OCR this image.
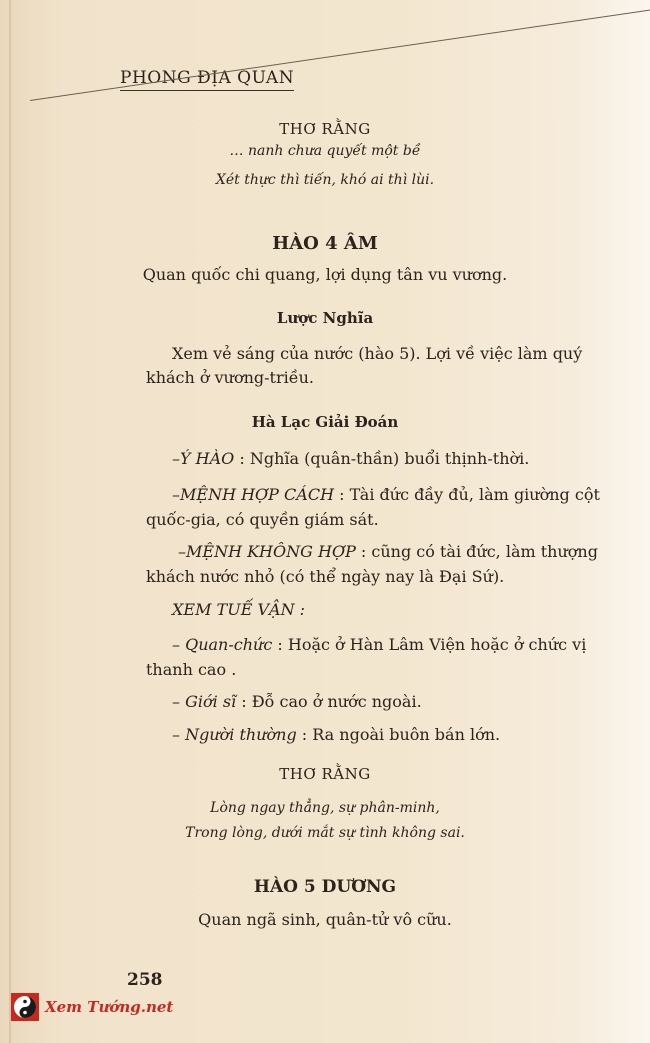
PHONG ĐỊA QUAN
THƠ RẰNG
… nanh chưa quyết một bề
Xét thực thì tiến, khó ai thì lùi.
HÀO 4 ÂM
Quan quốc chi quang, lợi dụng tân vu vương.
Lược Nghĩa
Xem vẻ sáng của nước (hào 5). Lợi về việc làm quý
khách ở vương-triều.
Hà Lạc Giải Đoán
–Ý HÀO : Nghĩa (quân-thần) buổi thịnh-thời.
–MỆNH HỢP CÁCH : Tài đức đầy đủ, làm giường cột
quốc-gia, có quyền giám sát.
–MỆNH KHÔNG HỢP : cũng có tài đức, làm thượng
khách nước nhỏ (có thể ngày nay là Đại Sứ).
XEM TUẾ VẬN :
– Quan-chức : Hoặc ở Hàn Lâm Viện hoặc ở chức vị
thanh cao .
– Giới sĩ : Đỗ cao ở nước ngoài.
– Người thường : Ra ngoài buôn bán lớn.
THƠ RẰNG
Lòng ngay thẳng, sự phân-minh,
Trong lòng, dưới mắt sự tình không sai.
HÀO 5 DƯƠNG
Quan ngã sinh, quân-tử vô cữu.
258
Xem Tướng.net
